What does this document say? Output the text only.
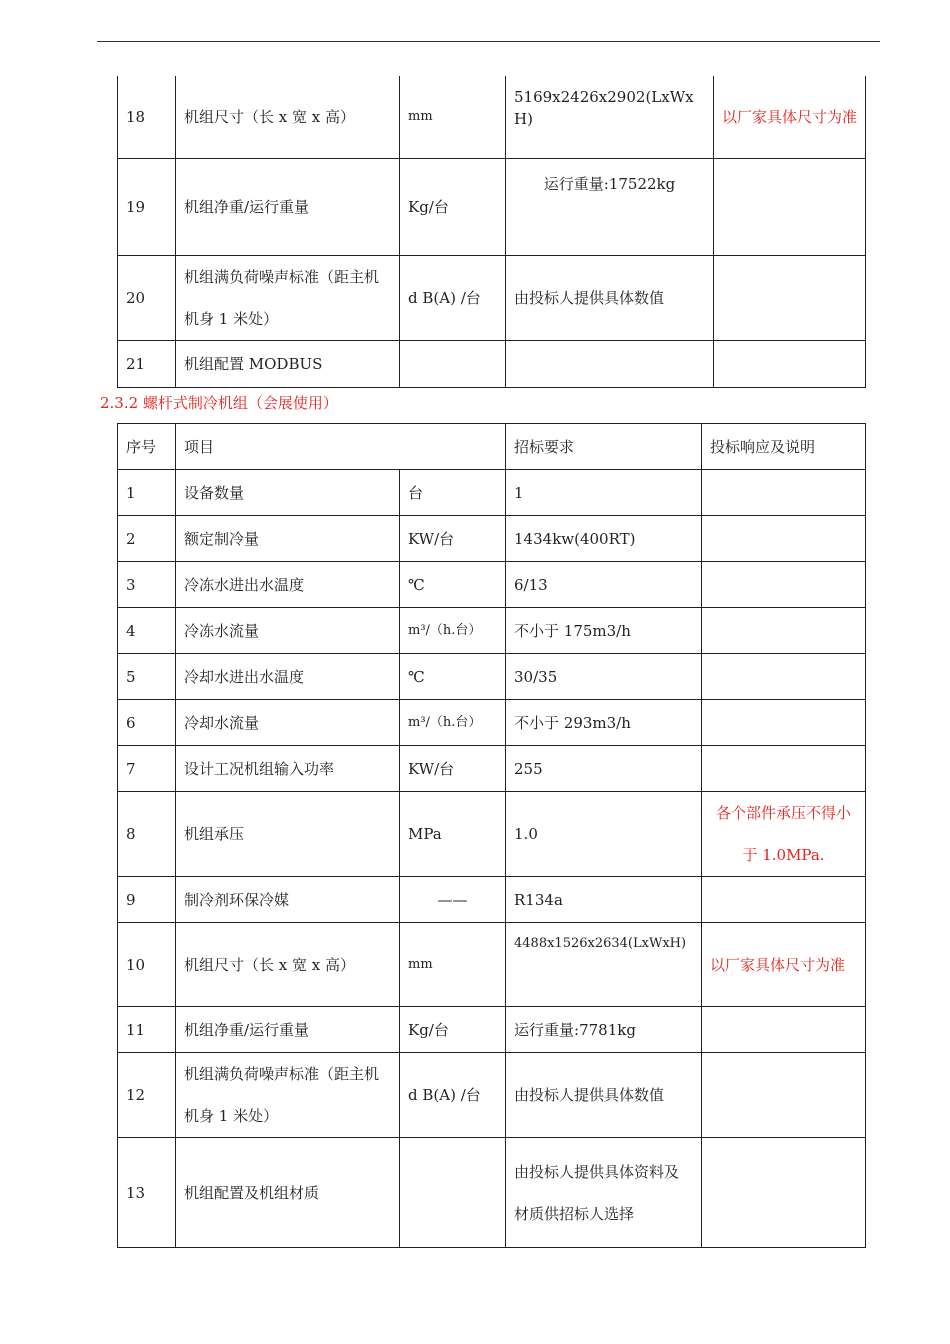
18	机组尺寸（长 x 宽 x 高）	mm	5169x2426x2902(LxWxH)	以厂家具体尺寸为准
19	机组净重/运行重量	Kg/台	运行重量:17522kg	
20	机组满负荷噪声标准（距主机机身 1 米处）	d B(A) /台	由投标人提供具体数值	
21	机组配置 MODBUS			
2.3.2 螺杆式制冷机组（会展使用）
序号	项目		招标要求	投标响应及说明
1	设备数量	台	1	
2	额定制冷量	KW/台	1434kw(400RT)	
3	冷冻水进出水温度	℃	6/13	
4	冷冻水流量	m³/（h.台）	不小于 175m3/h	
5	冷却水进出水温度	℃	30/35	
6	冷却水流量	m³/（h.台）	不小于 293m3/h	
7	设计工况机组输入功率	KW/台	255	
8	机组承压	MPa	1.0	各个部件承压不得小于 1.0MPa.
9	制冷剂环保冷媒	——	R134a	
10	机组尺寸（长 x 宽 x 高）	mm	4488x1526x2634(LxWxH)	以厂家具体尺寸为准
11	机组净重/运行重量	Kg/台	运行重量:7781kg	
12	机组满负荷噪声标准（距主机机身 1 米处）	d B(A) /台	由投标人提供具体数值	
13	机组配置及机组材质		由投标人提供具体资料及材质供招标人选择	
